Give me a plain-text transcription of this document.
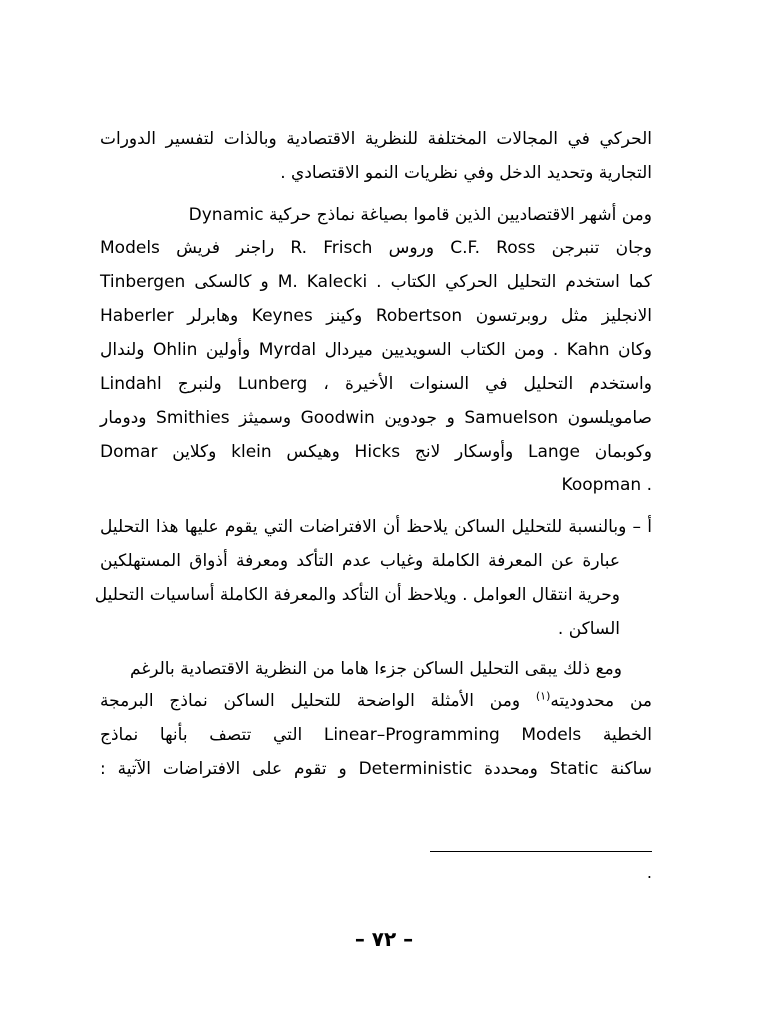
الحركي في المجالات المختلفة للنظرية الاقتصادية وبالذات لتفسير الدورات
التجارية وتحديد الدخل وفي نظريات النمو الاقتصادي .
ومن أشهر الاقتصاديين الذين قاموا بصياغة نماذج حركية Dynamic
Models راجنر فريش R. Frisch وروس C.F. Ross وجان تنبرجن
Tinbergen و كالسكى M. Kalecki . كما استخدم التحليل الحركي الكتاب
الانجليز مثل روبرتسون Robertson وكينز Keynes وهابرلر Haberler
وكان Kahn . ومن الكتاب السويديين ميردال Myrdal وأولين Ohlin ولندال
Lindahl ولنبرج Lunberg ، واستخدم التحليل في السنوات الأخيرة
صامويلسون Samuelson و جودوين Goodwin وسميثز Smithies ودومار
Domar وكلاين klein وهيكس Hicks وأوسكار لانج Lange وكوبمان
Koopman .
أ – وبالنسبة للتحليل الساكن يلاحظ أن الافتراضات التي يقوم عليها هذا التحليل
عبارة عن المعرفة الكاملة وغياب عدم التأكد ومعرفة أذواق المستهلكين
وحرية انتقال العوامل . ويلاحظ أن التأكد والمعرفة الكاملة أساسيات التحليل
الساكن .
ومع ذلك يبقى التحليل الساكن جزءا هاما من النظرية الاقتصادية بالرغم
من محدوديته$^{(١)}$ ومن الأمثلة الواضحة للتحليل الساكن نماذج البرمجة
الخطية Linear–Programming Models التي تتصف بأنها نماذج
ساكنة Static ومحددة Deterministic و تقوم على الافتراضات الآتية :
.
– ٧٢ –
